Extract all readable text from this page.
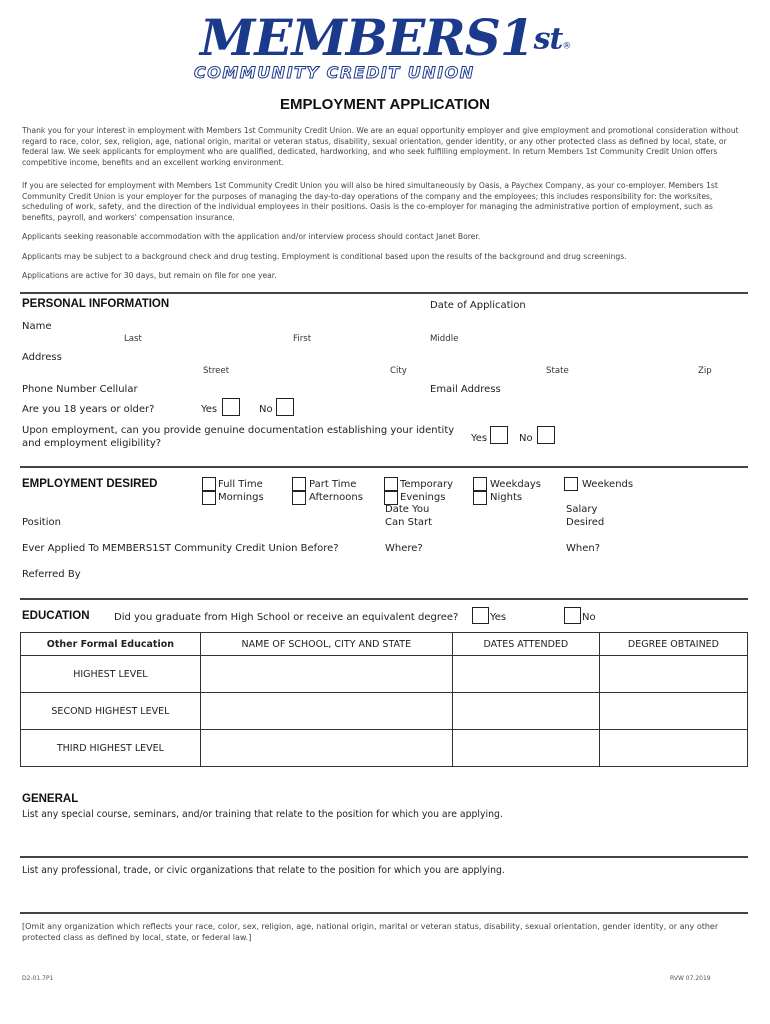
$MEMBERS1^{st®}$
COMMUNITY CREDIT UNION
EMPLOYMENT APPLICATION
Thank you for your interest in employment with Members 1st Community Credit Union. We are an equal opportunity employer and give employment and promotional consideration without regard to race, color, sex, religion, age, national origin, marital or veteran status, disability, sexual orientation, gender identity, or any other protected class as defined by local, state, or federal law. We seek applicants for employment who are qualified, dedicated, hardworking, and who seek fulfilling employment. In return Members 1st Community Credit Union offers competitive income, benefits and an excellent working environment.
If you are selected for employment with Members 1st Community Credit Union you will also be hired simultaneously by Oasis, a Paychex Company, as your co-employer. Members 1st Community Credit Union is your employer for the purposes of managing the day-to-day operations of the company and the employees; this includes responsibility for: the worksites, scheduling of work, safety, and the direction of the individual employees in their positions. Oasis is the co-employer for managing the administrative portion of employment, such as benefits, payroll, and workers' compensation insurance.
Applicants seeking reasonable accommodation with the application and/or interview process should contact Janet Borer.
Applicants may be subject to a background check and drug testing. Employment is conditional based upon the results of the background and drug screenings.
Applications are active for 30 days, but remain on file for one year.
PERSONAL INFORMATION	Date of Application
Name
Last	First	Middle
Address
Street	City	State	Zip
Phone Number Cellular	Email Address
Are you 18 years or older?	Yes	No
Upon employment, can you provide genuine documentation establishing your identity
and employment eligibility?	Yes	No
EMPLOYMENT DESIRED	Full Time
Mornings
Part Time
Afternoons
Temporary
Evenings
Weekdays
Nights
Weekends
Date You
Can Start
Salary
Desired
Position
Ever Applied To MEMBERS1ST Community Credit Union Before?	Where?	When?
Referred By
EDUCATION Did you graduate from High School or receive an equivalent degree?	Yes	No
Other Formal Education	NAME OF SCHOOL, CITY AND STATE	DATES ATTENDED	DEGREE OBTAINED
HIGHEST LEVEL			
SECOND HIGHEST LEVEL			
THIRD HIGHEST LEVEL			
GENERAL
List any special course, seminars, and/or training that relate to the position for which you are applying.
List any professional, trade, or civic organizations that relate to the position for which you are applying.
[Omit any organization which reflects your race, color, sex, religion, age, national origin, marital or veteran status, disability, sexual orientation, gender identity, or any other protected class as defined by local, state, or federal law.]
D2-01.7P1	RVW 07.2019
